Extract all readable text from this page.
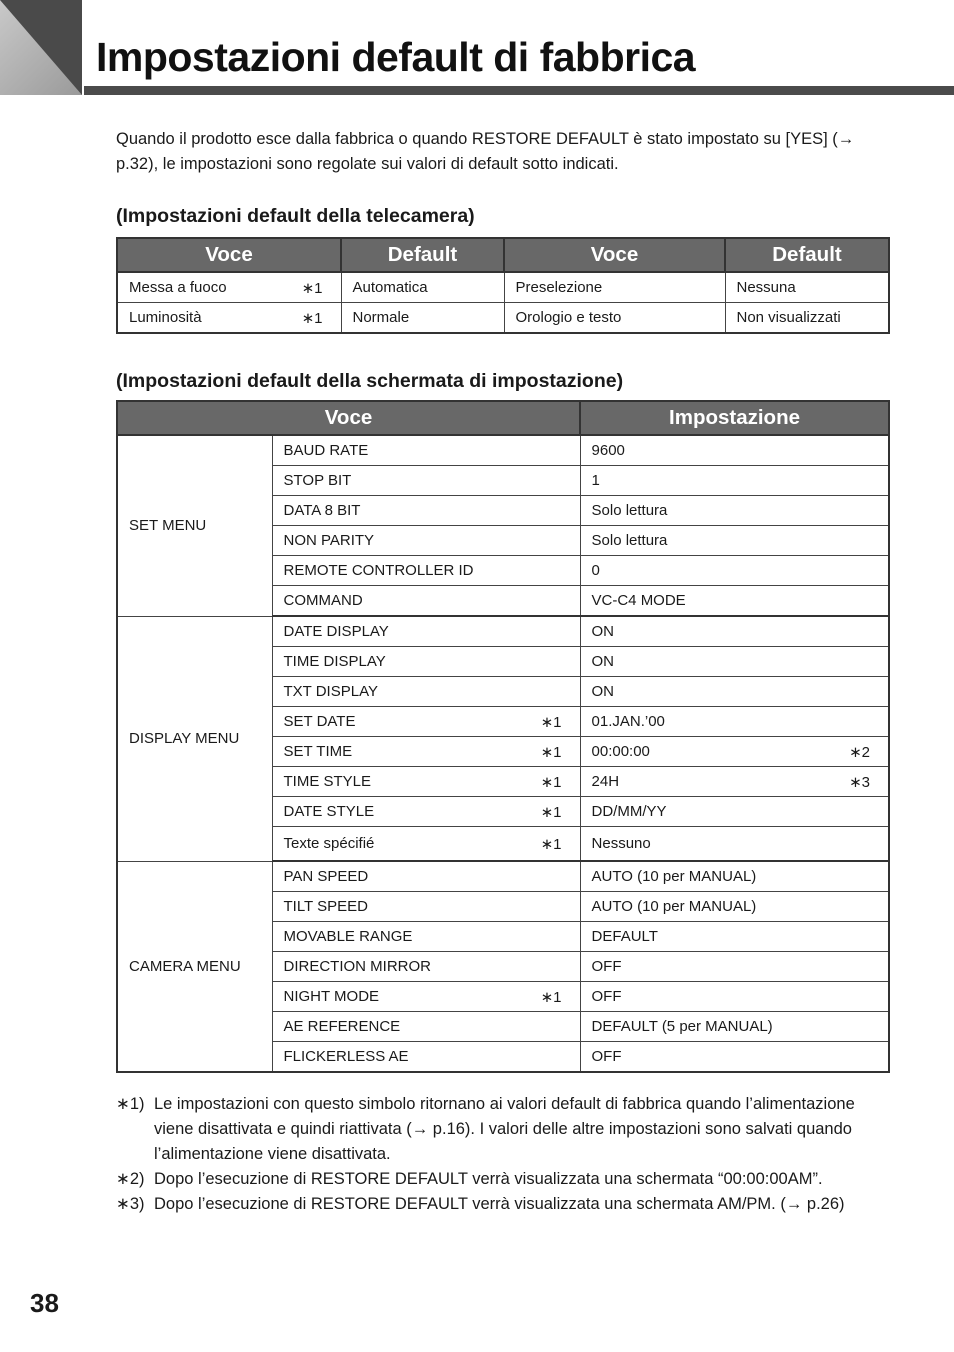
Impostazioni default di fabbrica

Quando il prodotto esce dalla fabbrica o quando RESTORE DEFAULT è stato impostato su [YES] (→ p.32), le impostazioni sono regolate sui valori di default sotto indicati.

(Impostazioni default della telecamera)
Voce	Default	Voce	Default

Messa a fuoco ∗1	Automatica	Preselezione	Nessuna

Luminosità ∗1	Normale	Orologio e testo	Non visualizzati
(Impostazioni default della schermata di impostazione)
Voce		Impostazione
SET MENU	BAUD RATE	9600

	STOP BIT	1

	DATA 8 BIT	Solo lettura

	NON PARITY	Solo lettura

	REMOTE CONTROLLER ID	0

	COMMAND	VC-C4 MODE

DISPLAY MENU	DATE DISPLAY	ON

	TIME DISPLAY	ON

	TXT DISPLAY	ON

	SET DATE ∗1	01.JAN.’00

	SET TIME ∗1	00:00:00 ∗2

	TIME STYLE ∗1	24H ∗3

	DATE STYLE ∗1	DD/MM/YY

	Texte spécifié ∗1	Nessuno

CAMERA MENU	PAN SPEED	AUTO (10 per MANUAL)

	TILT SPEED	AUTO (10 per MANUAL)

	MOVABLE RANGE	DEFAULT

	DIRECTION MIRROR	OFF

	NIGHT MODE ∗1	OFF

	AE REFERENCE	DEFAULT (5 per MANUAL)

	FLICKERLESS AE	OFF
∗1) Le impostazioni con questo simbolo ritornano ai valori default di fabbrica quando l’alimentazione viene disattivata e quindi riattivata (→ p.16). I valori delle altre impostazioni sono salvati quando l’alimentazione viene disattivata.
∗2) Dopo l’esecuzione di RESTORE DEFAULT verrà visualizzata una schermata “00:00:00AM”.
∗3) Dopo l’esecuzione di RESTORE DEFAULT verrà visualizzata una schermata AM/PM. (→ p.26)
38
